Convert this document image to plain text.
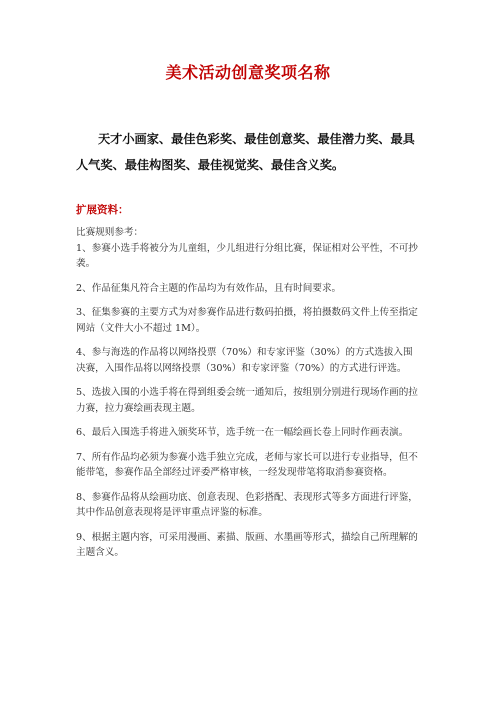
美术活动创意奖项名称
天才小画家、最佳色彩奖、最佳创意奖、最佳潜力奖、最具人气奖、最佳构图奖、最佳视觉奖、最佳含义奖。
扩展资料：

比赛规则参考：

1、参赛小选手将被分为儿童组，少儿组进行分组比赛，保证相对公平性，不可抄袭。

2、作品征集凡符合主题的作品均为有效作品，且有时间要求。

3、征集参赛的主要方式为对参赛作品进行数码拍摄，将拍摄数码文件上传至指定网站（文件大小不超过 1M）。

4、参与海选的作品将以网络投票（70%）和专家评鉴（30%）的方式选拔入围决赛，入围作品将以网络投票（30%）和专家评鉴（70%）的方式进行评选。

5、选拔入围的小选手将在得到组委会统一通知后，按组别分别进行现场作画的拉力赛，拉力赛绘画表现主题。

6、最后入围选手将进入颁奖环节，选手统一在一幅绘画长卷上同时作画表演。

7、所有作品均必须为参赛小选手独立完成，老师与家长可以进行专业指导，但不能带笔，参赛作品全部经过评委严格审核，一经发现带笔将取消参赛资格。

8、参赛作品将从绘画功底、创意表现、色彩搭配、表现形式等多方面进行评鉴，其中作品创意表现将是评审重点评鉴的标准。

9、根据主题内容，可采用漫画、素描、版画、水墨画等形式，描绘自己所理解的主题含义。
